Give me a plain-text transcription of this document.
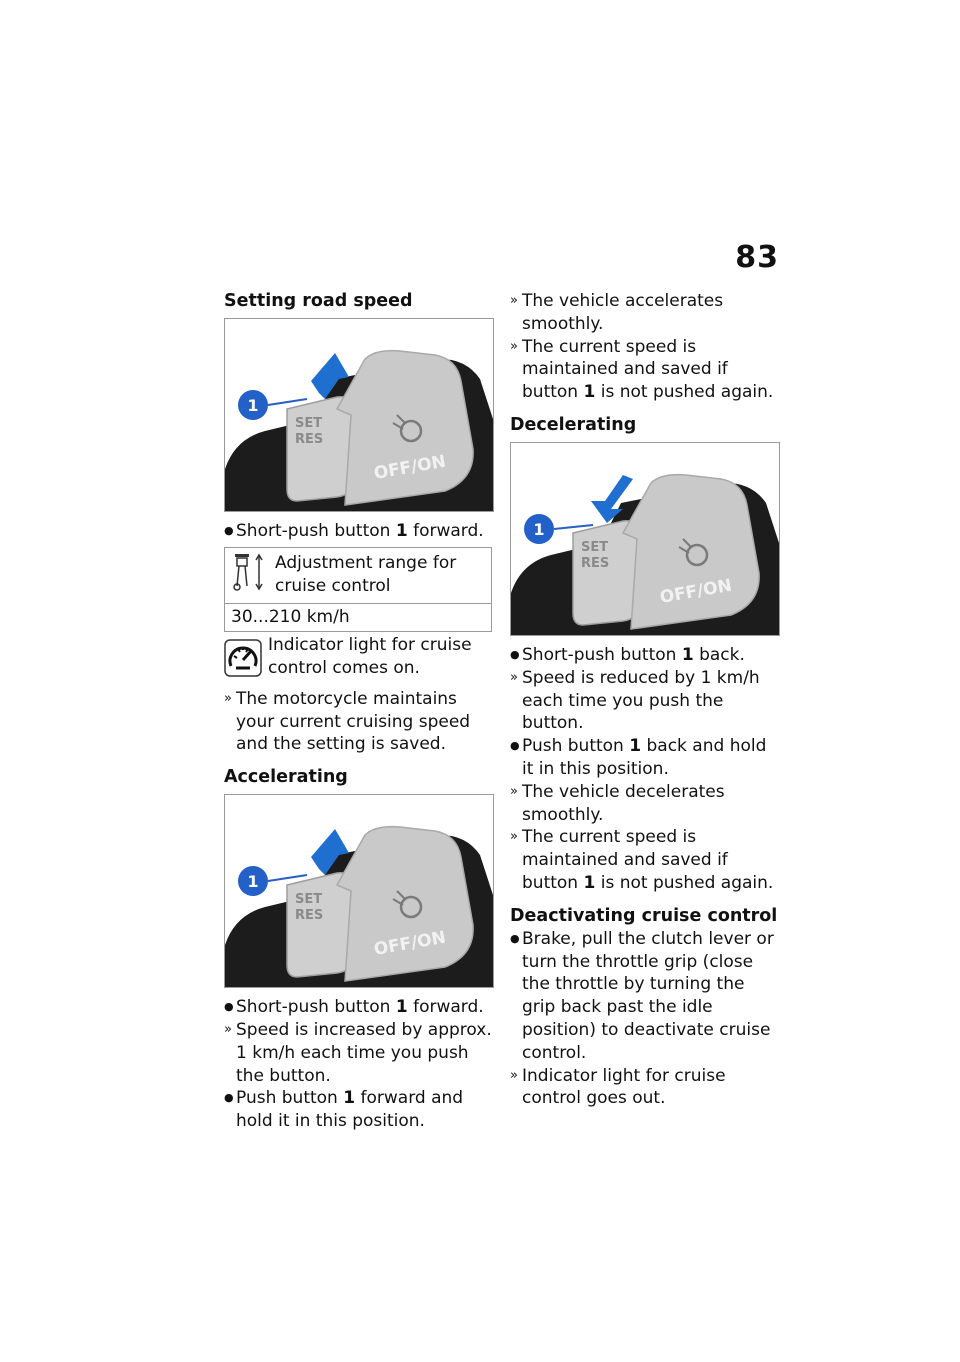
83
Setting road speed
1
SET
RES
OFF/ON
● Short-push button 1 forward.
Adjustment range for cruise control
30...210 km/h
Indicator light for cruise control comes on.
» The motorcycle maintains your current cruising speed and the setting is saved.
Accelerating
1
SET
RES
OFF/ON
● Short-push button 1 forward.
» Speed is increased by approx. 1 km/h each time you push the button.
● Push button 1 forward and hold it in this position.
» The vehicle accelerates smoothly.
» The current speed is maintained and saved if button 1 is not pushed again.
Decelerating
1
SET
RES
OFF/ON
● Short-push button 1 back.
» Speed is reduced by 1 km/h each time you push the button.
● Push button 1 back and hold it in this position.
» The vehicle decelerates smoothly.
» The current speed is maintained and saved if button 1 is not pushed again.
Deactivating cruise control
● Brake, pull the clutch lever or turn the throttle grip (close the throttle by turning the grip back past the idle position) to deactivate cruise control.
» Indicator light for cruise control goes out.
